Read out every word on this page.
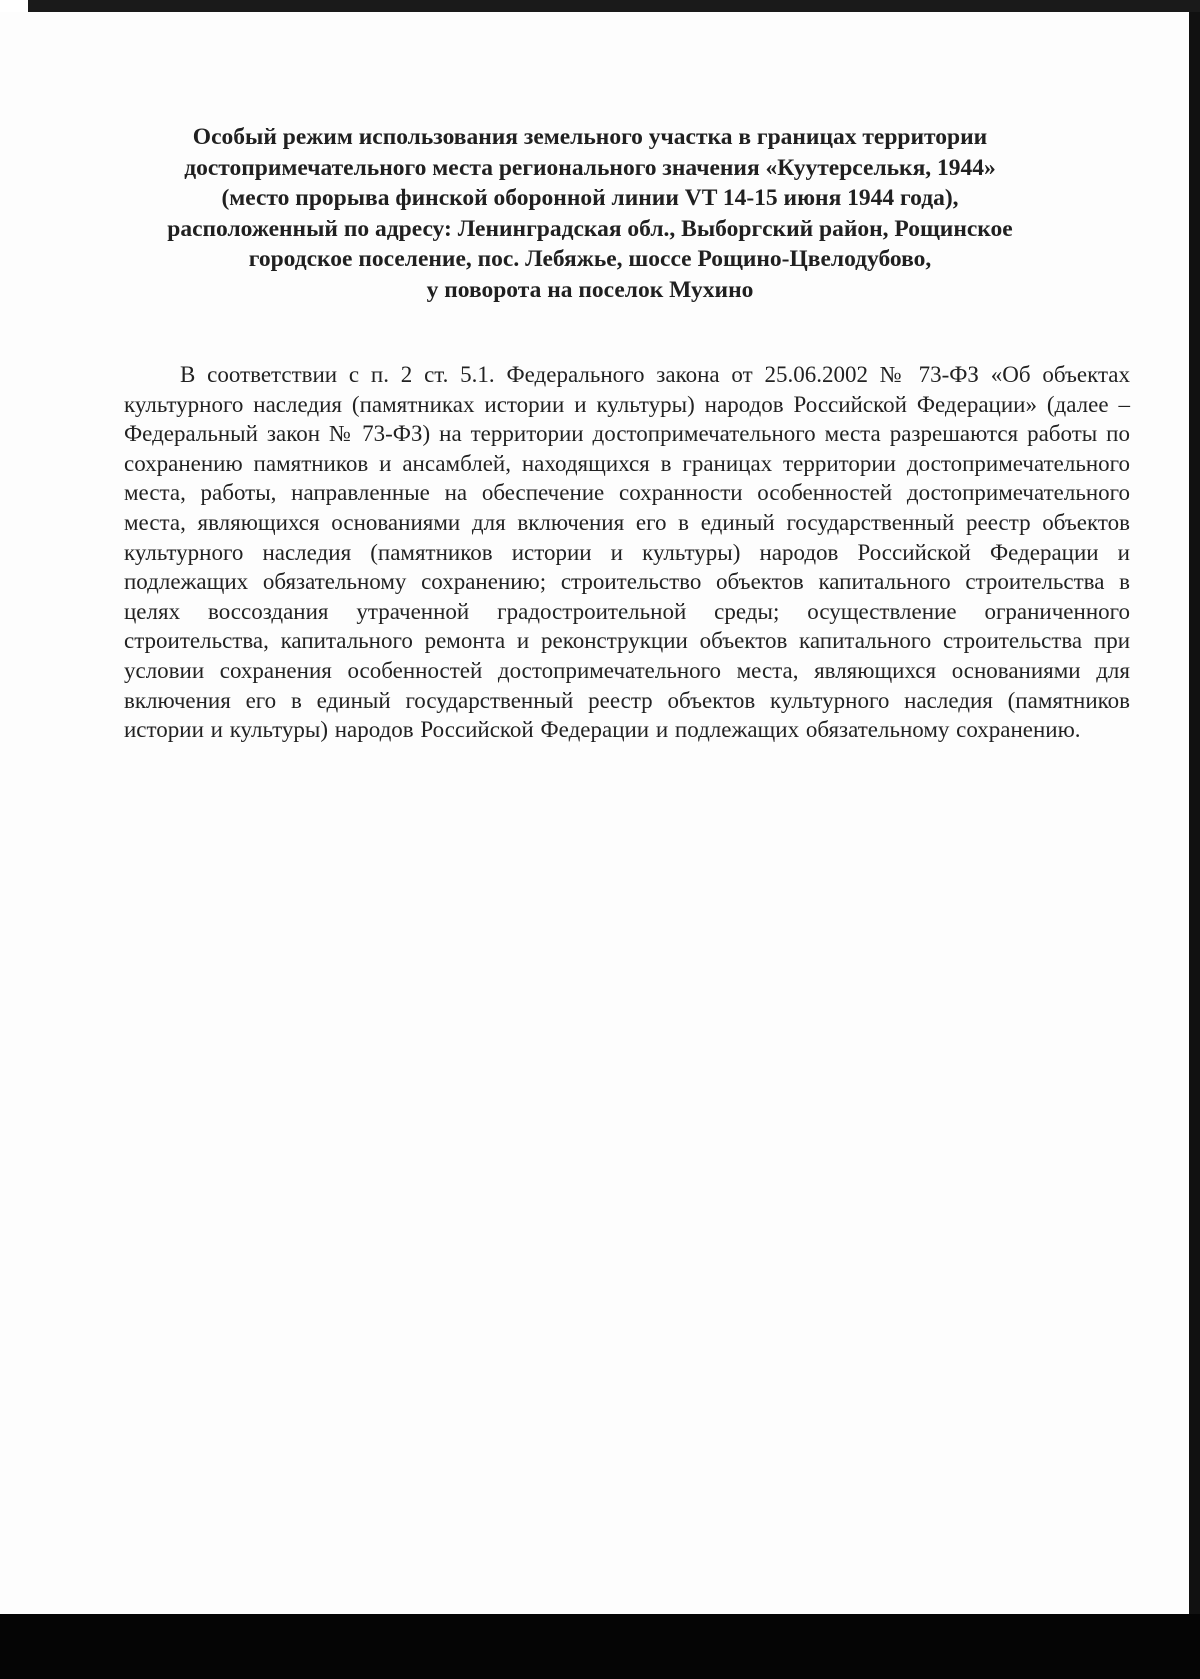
Особый режим использования земельного участка в границах территории
достопримечательного места регионального значения «Куутерселькя, 1944»
(место прорыва финской оборонной линии VT 14-15 июня 1944 года),
расположенный по адресу: Ленинградская обл., Выборгский район, Рощинское
городское поселение, пос. Лебяжье, шоссе Рощино-Цвелодубово,
у поворота на поселок Мухино

В соответствии с п. 2 ст. 5.1. Федерального закона от 25.06.2002 № 73-ФЗ «Об объектах культурного наследия (памятниках истории и культуры) народов Российской Федерации» (далее – Федеральный закон № 73-ФЗ) на территории достопримечательного места разрешаются работы по сохранению памятников и ансамблей, находящихся в границах территории достопримечательного места, работы, направленные на обеспечение сохранности особенностей достопримечательного места, являющихся основаниями для включения его в единый государственный реестр объектов культурного наследия (памятников истории и культуры) народов Российской Федерации и подлежащих обязательному сохранению; строительство объектов капитального строительства в целях воссоздания утраченной градостроительной среды; осуществление ограниченного строительства, капитального ремонта и реконструкции объектов капитального строительства при условии сохранения особенностей достопримечательного места, являющихся основаниями для включения его в единый государственный реестр объектов культурного наследия (памятников истории и культуры) народов Российской Федерации и подлежащих обязательному сохранению.
